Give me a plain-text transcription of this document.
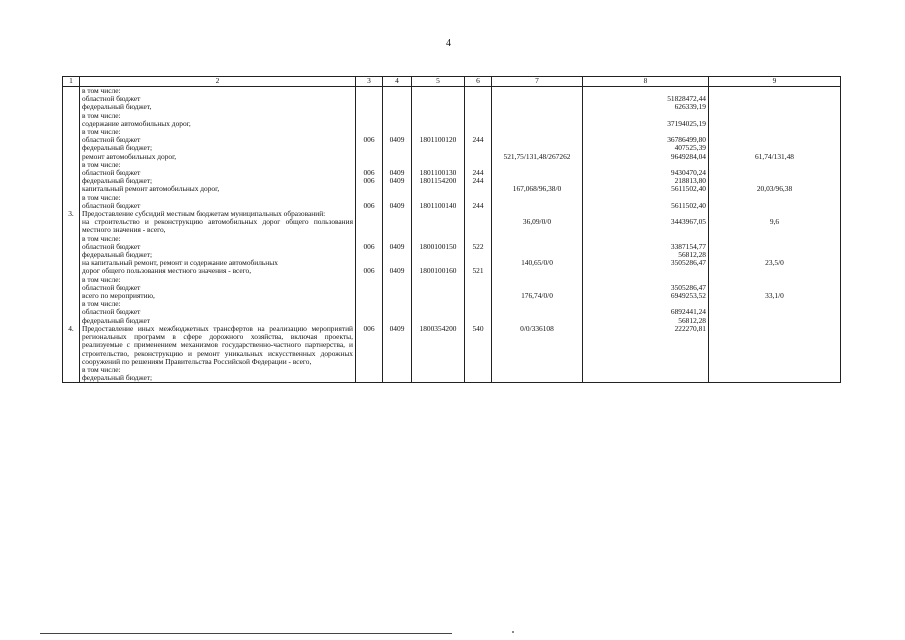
4
1	2	3	4	5	6	7	8	9
	в том числе:							
	областной бюджет						51828472,44	
	федеральный бюджет,						626339,19	
	в том числе:							
	содержание автомобильных дорог,						37194025,19	
	в том числе:							
	областной бюджет	006	0409	1801100120	244		36786499,80	
	федеральный бюджет;						407525,39	
	ремонт автомобильных дорог,					521,75/131,48/267262	9649284,04	61,74/131,48
	в том числе:							
	областной бюджет	006	0409	1801100130	244		9430470,24	
	федеральный бюджет;	006	0409	1801154200	244		218813,80	
	капитальный ремонт автомобильных дорог,					167,068/96,38/0	5611502,40	20,03/96,38
	в том числе:							
	областной бюджет	006	0409	1801100140	244		5611502,40	
3.	Предоставление субсидий местным бюджетам муниципальных образований:							
	на строительство и реконструкцию автомобильных дорог общего пользования местного значения - всего,					36,09/0/0	3443967,05	9,6
	в том числе:							
	областной бюджет	006	0409	1800100150	522		3387154,77	
	федеральный бюджет;						56812,28	
	на капитальный ремонт, ремонт и содержание автомобильных					140,65/0/0	3505286,47	23,5/0
	дорог общего пользования местного значения - всего,	006	0409	1800100160	521			
	в том числе:							
	областной бюджет						3505286,47	
	всего по мероприятию,					176,74/0/0	6949253,52	33,1/0
	в том числе:							
	областной бюджет						6892441,24	
	федеральный бюджет						56812,28	
4.	Предоставление иных межбюджетных трансфертов на реализацию мероприятий региональных программ в сфере дорожного хозяйства, включая проекты, реализуемые с применением механизмов государственно-частного партнерства, и строительство, реконструкцию и ремонт уникальных искусственных дорожных сооружений по решениям Правительства Российской Федерации - всего,	006	0409	1800354200	540	0/0/336108	222270,81	
	в том числе:							
	федеральный бюджет;							
